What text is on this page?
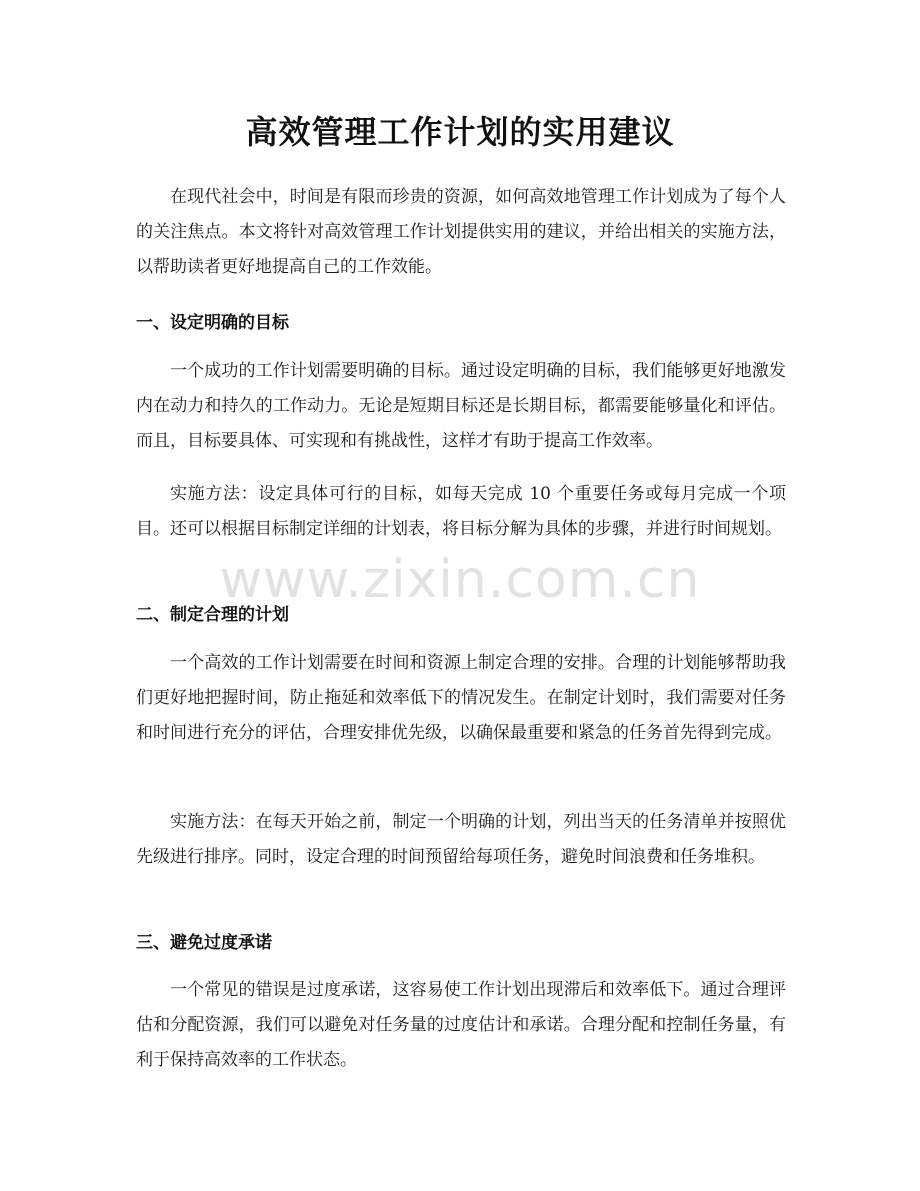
高效管理工作计划的实用建议

在现代社会中，时间是有限而珍贵的资源，如何高效地管理工作计划成为了每个人的关注焦点。本文将针对高效管理工作计划提供实用的建议，并给出相关的实施方法，以帮助读者更好地提高自己的工作效能。

一、设定明确的目标

一个成功的工作计划需要明确的目标。通过设定明确的目标，我们能够更好地激发内在动力和持久的工作动力。无论是短期目标还是长期目标，都需要能够量化和评估。而且，目标要具体、可实现和有挑战性，这样才有助于提高工作效率。

实施方法：设定具体可行的目标，如每天完成 10 个重要任务或每月完成一个项目。还可以根据目标制定详细的计划表，将目标分解为具体的步骤，并进行时间规划。

www.zixin.com.cn
二、制定合理的计划

一个高效的工作计划需要在时间和资源上制定合理的安排。合理的计划能够帮助我们更好地把握时间，防止拖延和效率低下的情况发生。在制定计划时，我们需要对任务和时间进行充分的评估，合理安排优先级，以确保最重要和紧急的任务首先得到完成。

实施方法：在每天开始之前，制定一个明确的计划，列出当天的任务清单并按照优先级进行排序。同时，设定合理的时间预留给每项任务，避免时间浪费和任务堆积。

三、避免过度承诺

一个常见的错误是过度承诺，这容易使工作计划出现滞后和效率低下。通过合理评估和分配资源，我们可以避免对任务量的过度估计和承诺。合理分配和控制任务量，有利于保持高效率的工作状态。
